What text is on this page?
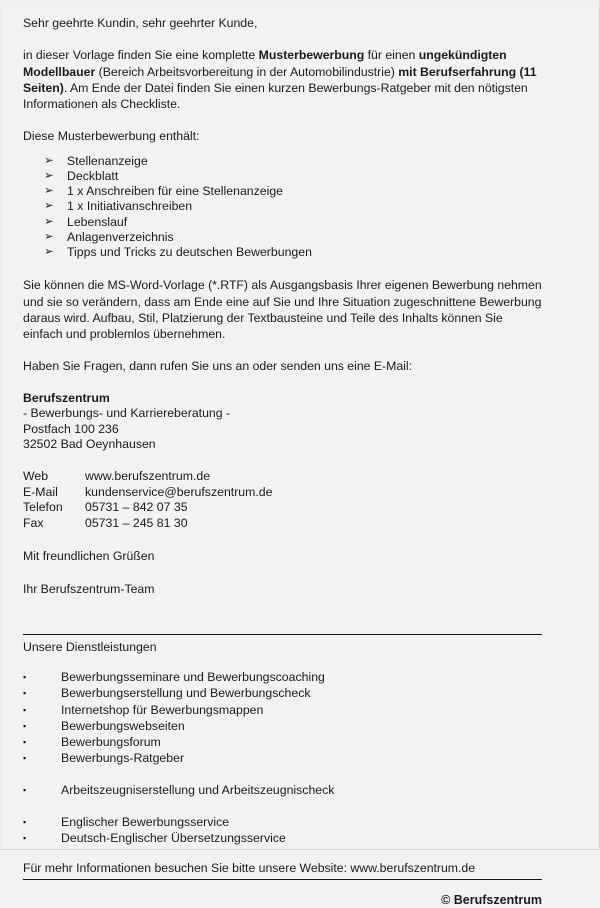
Sehr geehrte Kundin, sehr geehrter Kunde,

in dieser Vorlage finden Sie eine komplette Musterbewerbung für einen ungekündigten Modellbauer (Bereich Arbeitsvorbereitung in der Automobilindustrie) mit Berufserfahrung (11 Seiten). Am Ende der Datei finden Sie einen kurzen Bewerbungs-Ratgeber mit den nötigsten Informationen als Checkliste.

Diese Musterbewerbung enthält:

➢ Stellenanzeige
➢ Deckblatt
➢ 1 x Anschreiben für eine Stellenanzeige
➢ 1 x Initiativanschreiben
➢ Lebenslauf
➢ Anlagenverzeichnis
➢ Tipps und Tricks zu deutschen Bewerbungen

Sie können die MS-Word-Vorlage (*.RTF) als Ausgangsbasis Ihrer eigenen Bewerbung nehmen und sie so verändern, dass am Ende eine auf Sie und Ihre Situation zugeschnittene Bewerbung daraus wird. Aufbau, Stil, Platzierung der Textbausteine und Teile des Inhalts können Sie einfach und problemlos übernehmen.

Haben Sie Fragen, dann rufen Sie uns an oder senden uns eine E-Mail:

Berufszentrum
- Bewerbungs- und Karriereberatung -
Postfach 100 236
32502 Bad Oeynhausen
Web	www.berufszentrum.de
E-Mail	kundenservice@berufszentrum.de
Telefon	05731 – 842 07 35
Fax	05731 – 245 81 30

Mit freundlichen Grüßen

Ihr Berufszentrum-Team

Unsere Dienstleistungen

▪	Bewerbungsseminare und Bewerbungscoaching
▪	Bewerbungserstellung und Bewerbungscheck
▪	Internetshop für Bewerbungsmappen
▪	Bewerbungswebseiten
▪	Bewerbungsforum
▪	Bewerbungs-Ratgeber
▪	Arbeitszeugniserstellung und Arbeitszeugnischeck
▪	Englischer Bewerbungsservice
▪	Deutsch-Englischer Übersetzungsservice

Für mehr Informationen besuchen Sie bitte unsere Website: www.berufszentrum.de

© Berufszentrum
